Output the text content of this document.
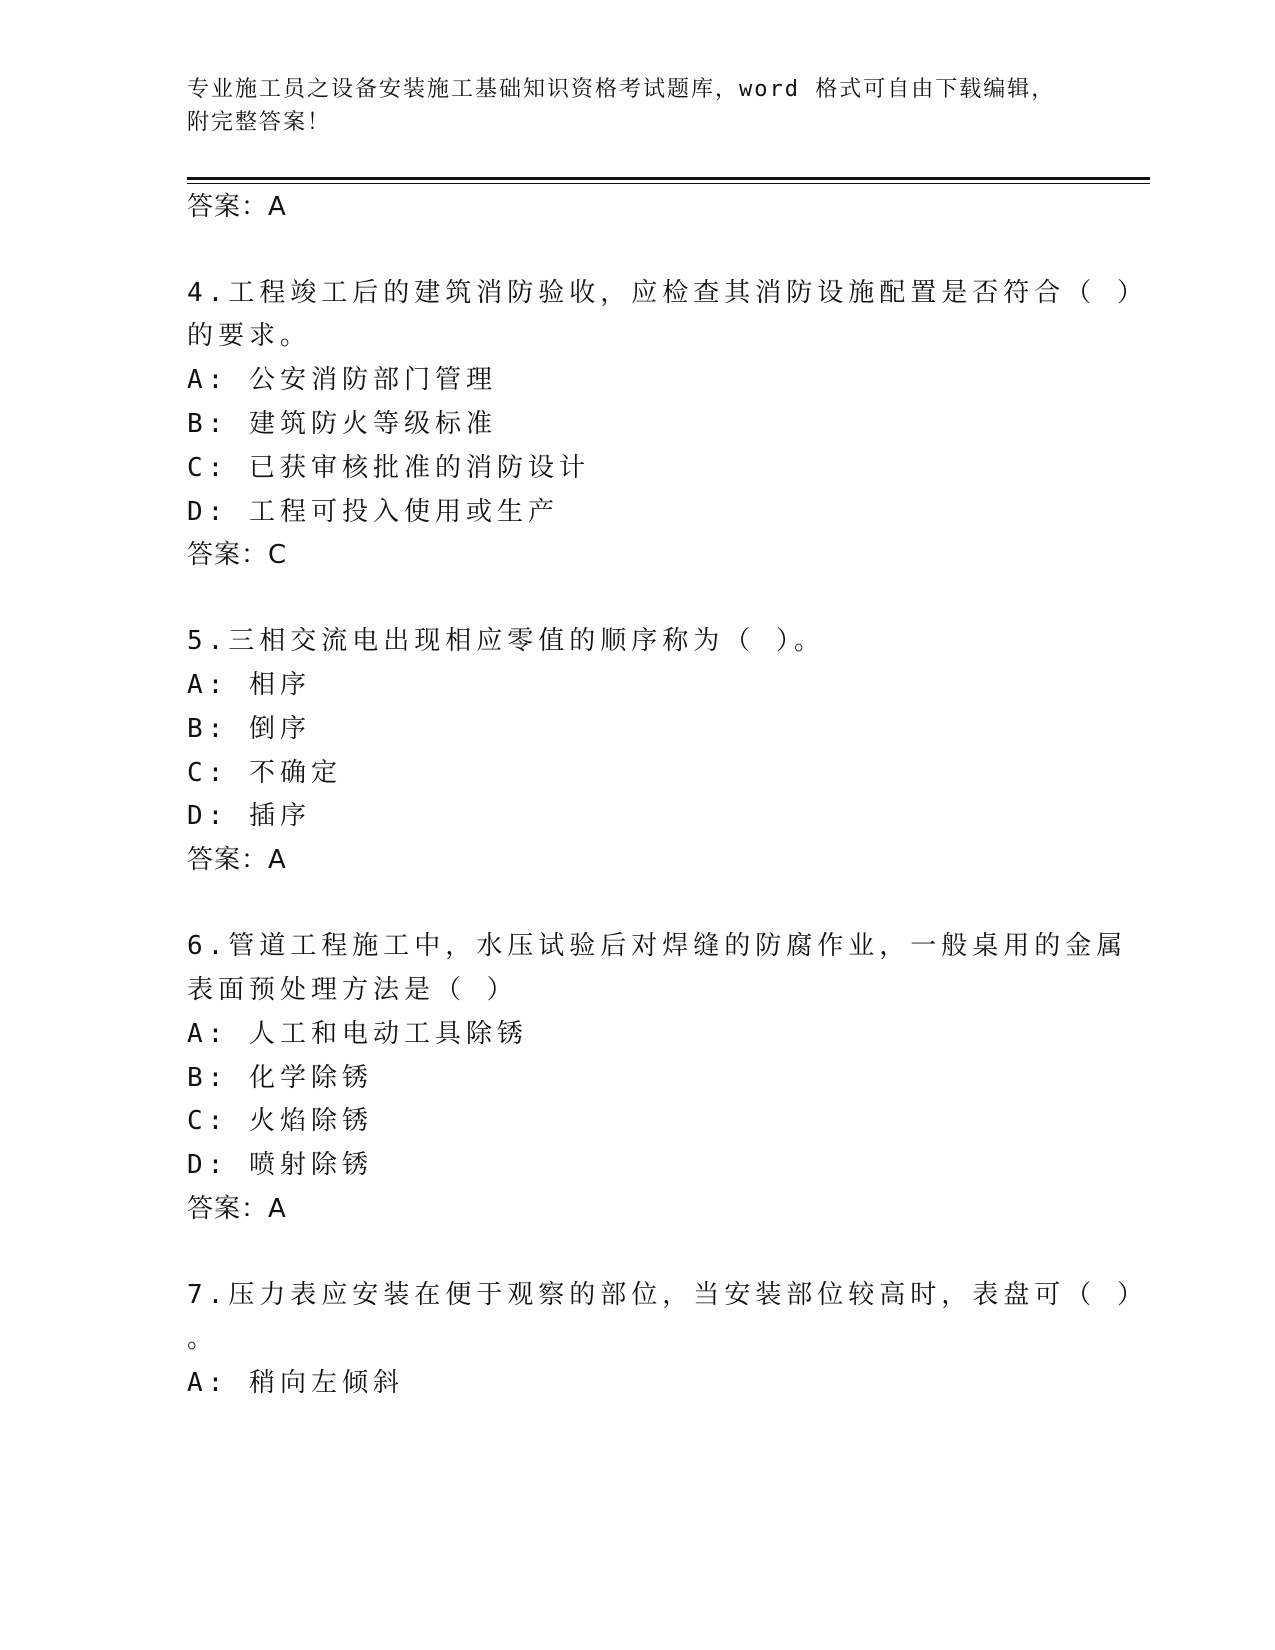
专业施工员之设备安装施工基础知识资格考试题库，word 格式可自由下载编辑，
附完整答案！
答案：A
4.工程竣工后的建筑消防验收，应检查其消防设施配置是否符合（ ）
的要求。
A: 公安消防部门管理
B: 建筑防火等级标准
C: 已获审核批准的消防设计
D: 工程可投入使用或生产
答案：C
5.三相交流电出现相应零值的顺序称为（ ）。
A: 相序
B: 倒序
C: 不确定
D: 插序
答案：A
6.管道工程施工中，水压试验后对焊缝的防腐作业，一般桌用的金属
表面预处理方法是（ ）
A: 人工和电动工具除锈
B: 化学除锈
C: 火焰除锈
D: 喷射除锈
答案：A
7.压力表应安装在便于观察的部位，当安装部位较高时，表盘可（ ）
。
A: 稍向左倾斜
